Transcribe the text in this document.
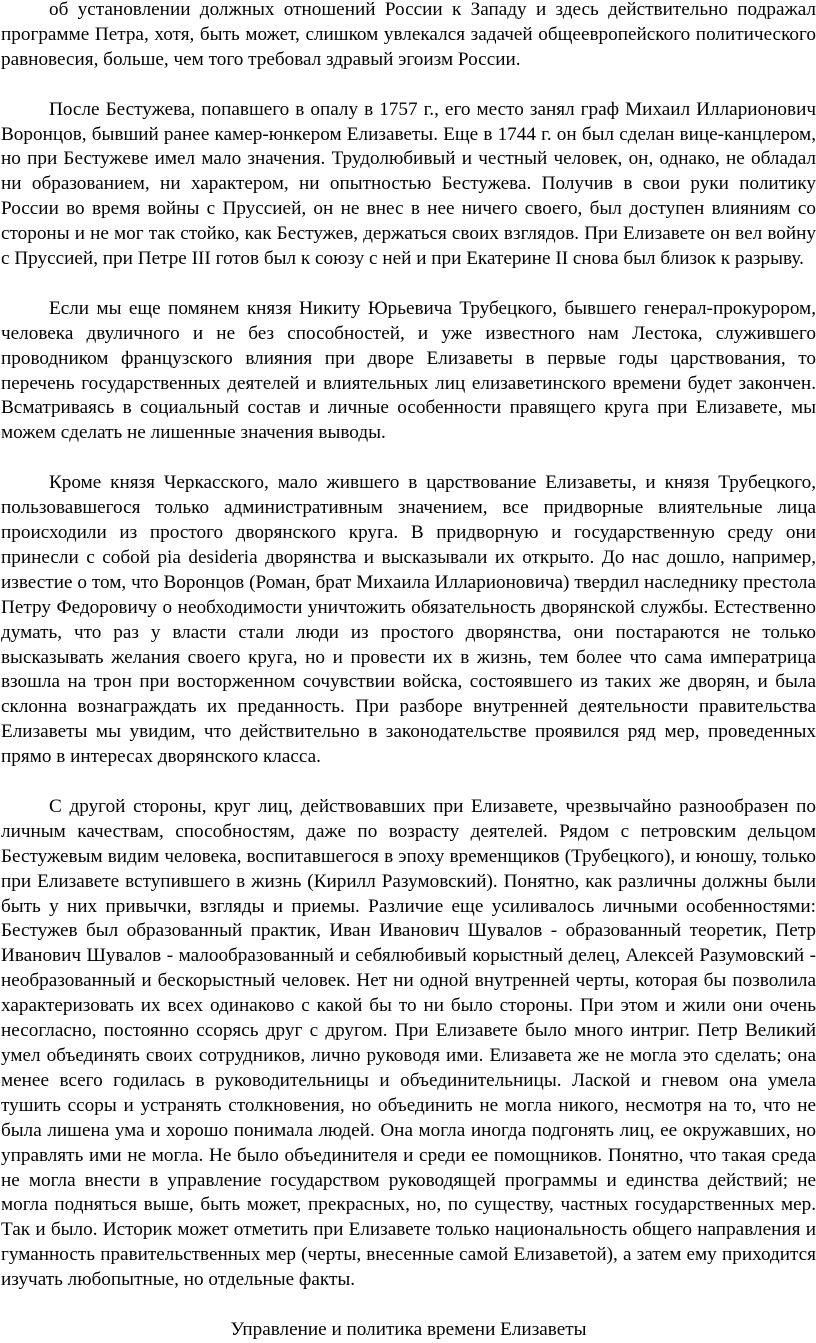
об установлении должных отношений России к Западу и здесь действительно подражал программе Петра, хотя, быть может, слишком увлекался задачей общеевропейского политического равновесия, больше, чем того требовал здравый эгоизм России.

После Бестужева, попавшего в опалу в 1757 г., его место занял граф Михаил Илларионович Воронцов, бывший ранее камер-юнкером Елизаветы. Еще в 1744 г. он был сделан вице-канцлером, но при Бестужеве имел мало значения. Трудолюбивый и честный человек, он, однако, не обладал ни образованием, ни характером, ни опытностью Бестужева. Получив в свои руки политику России во время войны с Пруссией, он не внес в нее ничего своего, был доступен влияниям со стороны и не мог так стойко, как Бестужев, держаться своих взглядов. При Елизавете он вел войну с Пруссией, при Петре III готов был к союзу с ней и при Екатерине II снова был близок к разрыву.

Если мы еще помянем князя Никиту Юрьевича Трубецкого, бывшего генерал-прокурором, человека двуличного и не без способностей, и уже известного нам Лестока, служившего проводником французского влияния при дворе Елизаветы в первые годы царствования, то перечень государственных деятелей и влиятельных лиц елизаветинского времени будет закончен. Всматриваясь в социальный состав и личные особенности правящего круга при Елизавете, мы можем сделать не лишенные значения выводы.

Кроме князя Черкасского, мало жившего в царствование Елизаветы, и князя Трубецкого, пользовавшегося только административным значением, все придворные влиятельные лица происходили из простого дворянского круга. В придворную и государственную среду они принесли с собой pia desideria дворянства и высказывали их открыто. До нас дошло, например, известие о том, что Воронцов (Роман, брат Михаила Илларионовича) твердил наследнику престола Петру Федоровичу о необходимости уничтожить обязательность дворянской службы. Естественно думать, что раз у власти стали люди из простого дворянства, они постараются не только высказывать желания своего круга, но и провести их в жизнь, тем более что сама императрица взошла на трон при восторженном сочувствии войска, состоявшего из таких же дворян, и была склонна вознаграждать их преданность. При разборе внутренней деятельности правительства Елизаветы мы увидим, что действительно в законодательстве проявился ряд мер, проведенных прямо в интересах дворянского класса.

С другой стороны, круг лиц, действовавших при Елизавете, чрезвычайно разнообразен по личным качествам, способностям, даже по возрасту деятелей. Рядом с петровским дельцом Бестужевым видим человека, воспитавшегося в эпоху временщиков (Трубецкого), и юношу, только при Елизавете вступившего в жизнь (Кирилл Разумовский). Понятно, как различны должны были быть у них привычки, взгляды и приемы. Различие еще усиливалось личными особенностями: Бестужев был образованный практик, Иван Иванович Шувалов - образованный теоретик, Петр Иванович Шувалов - малообразованный и себялюбивый корыстный делец, Алексей Разумовский - необразованный и бескорыстный человек. Нет ни одной внутренней черты, которая бы позволила характеризовать их всех одинаково с какой бы то ни было стороны. При этом и жили они очень несогласно, постоянно ссорясь друг с другом. При Елизавете было много интриг. Петр Великий умел объединять своих сотрудников, лично руководя ими. Елизавета же не могла это сделать; она менее всего годилась в руководительницы и объединительницы. Лаской и гневом она умела тушить ссоры и устранять столкновения, но объединить не могла никого, несмотря на то, что не была лишена ума и хорошо понимала людей. Она могла иногда подгонять лиц, ее окружавших, но управлять ими не могла. Не было объединителя и среди ее помощников. Понятно, что такая среда не могла внести в управление государством руководящей программы и единства действий; не могла подняться выше, быть может, прекрасных, но, по существу, частных государственных мер. Так и было. Историк может отметить при Елизавете только национальность общего направления и гуманность правительственных мер (черты, внесенные самой Елизаветой), а затем ему приходится изучать любопытные, но отдельные факты.

Управление и политика времени Елизаветы
